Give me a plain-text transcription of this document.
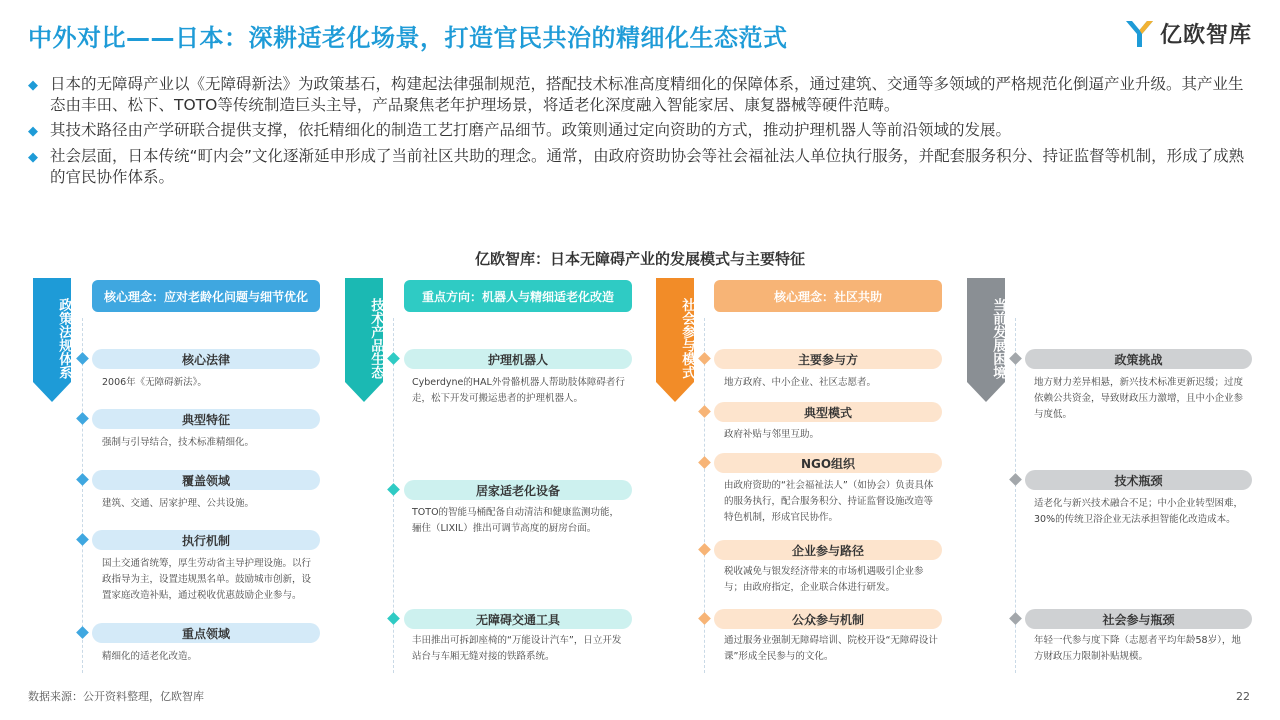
中外对比——日本：深耕适老化场景，打造官民共治的精细化生态范式	亿欧智库
◆ 日本的无障碍产业以《无障碍新法》为政策基石，构建起法律强制规范，搭配技术标准高度精细化的保障体系，通过建筑、交通等多领域的严格规范化倒逼产业升级。其产业生态由丰田、松下、TOTO等传统制造巨头主导，产品聚焦老年护理场景，将适老化深度融入智能家居、康复器械等硬件范畴。
◆ 其技术路径由产学研联合提供支撑，依托精细化的制造工艺打磨产品细节。政策则通过定向资助的方式，推动护理机器人等前沿领域的发展。
◆ 社会层面，日本传统“町内会”文化逐渐延申形成了当前社区共助的理念。通常，由政府资助协会等社会福祉法人单位执行服务，并配套服务积分、持证监督等机制，形成了成熟的官民协作体系。
亿欧智库：日本无障碍产业的发展模式与主要特征
政策法规体系
核心理念：应对老龄化问题与细节优化
核心法律
2006年《无障碍新法》。
典型特征
强制与引导结合，技术标准精细化。
覆盖领域
建筑、交通、居家护理、公共设施。
执行机制
国土交通省统筹，厚生劳动省主导护理设施。以行政指导为主，设置违规黑名单。鼓励城市创新，设置家庭改造补贴，通过税收优惠鼓励企业参与。
重点领域
精细化的适老化改造。
技术产品生态
重点方向：机器人与精细适老化改造
护理机器人
Cyberdyne的HAL外骨骼机器人帮助肢体障碍者行走，松下开发可搬运患者的护理机器人。
居家适老化设备
TOTO的智能马桶配备自动清洁和健康监测功能，骊住（LIXIL）推出可调节高度的厨房台面。
无障碍交通工具
丰田推出可拆卸座椅的“万能设计汽车”，日立开发站台与车厢无缝对接的铁路系统。
社会参与模式
核心理念：社区共助
主要参与方
地方政府、中小企业、社区志愿者。
典型模式
政府补贴与邻里互助。
NGO组织
由政府资助的“社会福祉法人”（如协会）负责具体的服务执行，配合服务积分、持证监督设施改造等特色机制，形成官民协作。
企业参与路径
税收减免与银发经济带来的市场机遇吸引企业参与；由政府指定，企业联合体进行研发。
公众参与机制
通过服务业强制无障碍培训、院校开设“无障碍设计课”形成全民参与的文化。
当前发展困境	政策挑战
地方财力差异相悬，新兴技术标准更新迟缓；过度依赖公共资金，导致财政压力激增，且中小企业参与度低。
技术瓶颈
适老化与新兴技术融合不足；中小企业转型困难，30%的传统卫浴企业无法承担智能化改造成本。
社会参与瓶颈
年轻一代参与度下降（志愿者平均年龄58岁），地方财政压力限制补贴规模。
数据来源：公开资料整理，亿欧智库	22
